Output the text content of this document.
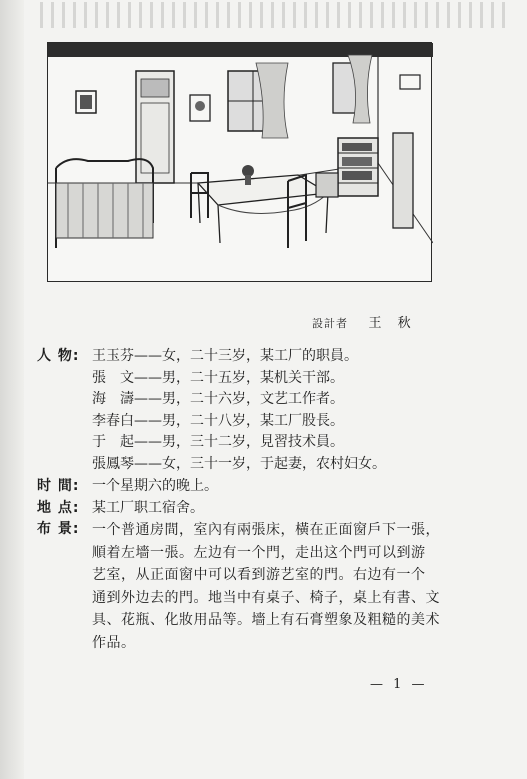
設計者 王 秋
人 物: 王玉芬——女，二十三岁，某工厂的职員。
張　文——男，二十五岁，某机关干部。
海　濤——男，二十六岁，文艺工作者。
李春白——男，二十八岁，某工厂股長。
于　起——男，三十二岁，見習技术員。
張鳳琴——女，三十一岁，于起妻，农村妇女。
时 間: 一个星期六的晚上。
地 点: 某工厂职工宿舍。
布 景: 一个普通房間，室內有兩張床，橫在正面窗戶下一張，
順着左墻一張。左边有一个門，走出这个門可以到游
艺室，从正面窗中可以看到游艺室的門。右边有一个
通到外边去的門。地当中有桌子、椅子，桌上有書、文
具、花瓶、化妝用品等。墻上有石膏塑象及粗糙的美术
作品。
— 1 —
